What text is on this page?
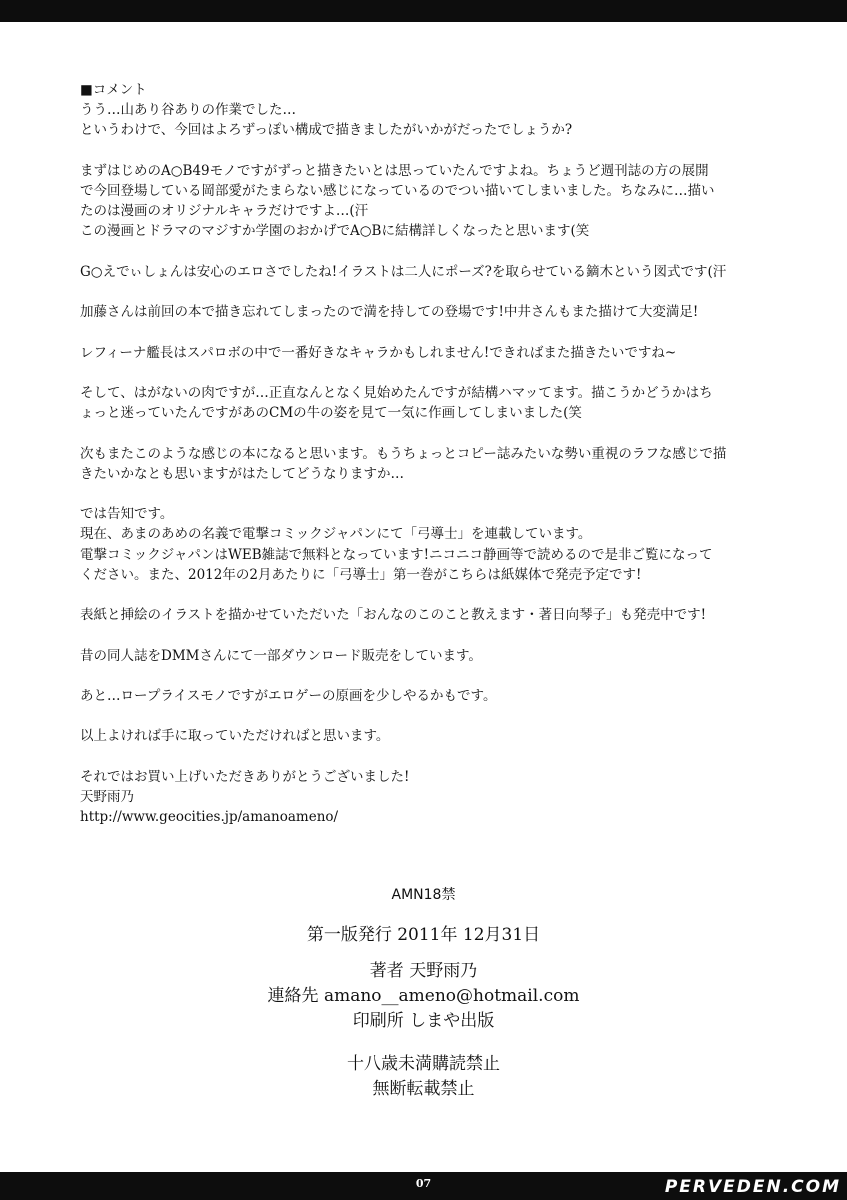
■コメント
うう…山あり谷ありの作業でした…
というわけで、今回はよろずっぽい構成で描きましたがいかがだったでしょうか?
まずはじめのA○B49モノですがずっと描きたいとは思っていたんですよね。ちょうど週刊誌の方の展開
で今回登場している岡部愛がたまらない感じになっているのでつい描いてしまいました。ちなみに…描い
たのは漫画のオリジナルキャラだけですよ…(汗
この漫画とドラマのマジすか学園のおかげでA○Bに結構詳しくなったと思います(笑
G○えでぃしょんは安心のエロさでしたね!イラストは二人にポーズ?を取らせている鏑木という図式です(汗
加藤さんは前回の本で描き忘れてしまったので満を持しての登場です!中井さんもまた描けて大変満足!
レフィーナ艦長はスパロボの中で一番好きなキャラかもしれません!できればまた描きたいですね~
そして、はがないの肉ですが…正直なんとなく見始めたんですが結構ハマッてます。描こうかどうかはち
ょっと迷っていたんですがあのCMの牛の姿を見て一気に作画してしまいました(笑
次もまたこのような感じの本になると思います。もうちょっとコピー誌みたいな勢い重視のラフな感じで描
きたいかなとも思いますがはたしてどうなりますか…
では告知です。
現在、あまのあめの名義で電撃コミックジャパンにて「弓導士」を連載しています。
電撃コミックジャパンはWEB雑誌で無料となっています!ニコニコ静画等で読めるので是非ご覧になって
ください。また、2012年の2月あたりに「弓導士」第一巻がこちらは紙媒体で発売予定です!
表紙と挿絵のイラストを描かせていただいた「おんなのこのこと教えます・著日向琴子」も発売中です!
昔の同人誌をDMMさんにて一部ダウンロード販売をしています。
あと…ロープライスモノですがエロゲーの原画を少しやるかもです。
以上よければ手に取っていただければと思います。
それではお買い上げいただきありがとうございました!
天野雨乃
http://www.geocities.jp/amanoameno/
AMN18禁
第一版発行 2011年 12月31日
著者 天野雨乃
連絡先 amano__ameno@hotmail.com
印刷所 しまや出版
十八歳未満購読禁止
無断転載禁止
07	PERVEDEN.COM
